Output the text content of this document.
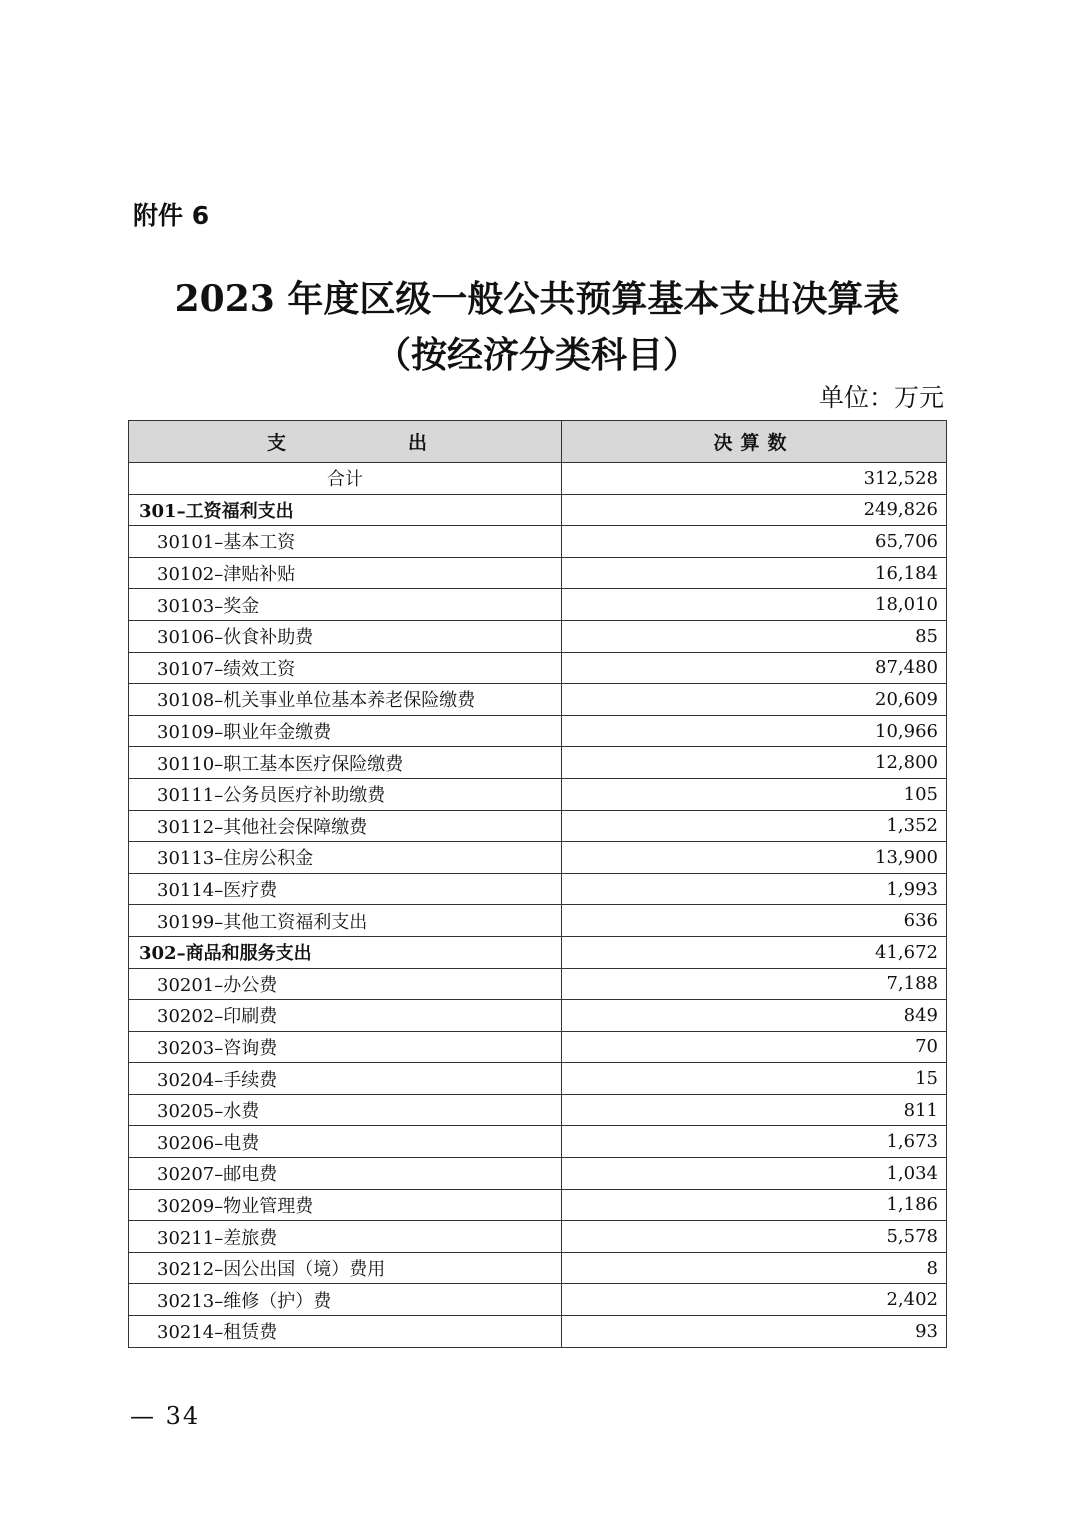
附件 6
2023 年度区级一般公共预算基本支出决算表
（按经济分类科目）
单位：万元
支 出	决算数
合计	312,528
301–工资福利支出	249,826
30101–基本工资	65,706
30102–津贴补贴	16,184
30103–奖金	18,010
30106–伙食补助费	85
30107–绩效工资	87,480
30108–机关事业单位基本养老保险缴费	20,609
30109–职业年金缴费	10,966
30110–职工基本医疗保险缴费	12,800
30111–公务员医疗补助缴费	105
30112–其他社会保障缴费	1,352
30113–住房公积金	13,900
30114–医疗费	1,993
30199–其他工资福利支出	636
302–商品和服务支出	41,672
30201–办公费	7,188
30202–印刷费	849
30203–咨询费	70
30204–手续费	15
30205–水费	811
30206–电费	1,673
30207–邮电费	1,034
30209–物业管理费	1,186
30211–差旅费	5,578
30212–因公出国（境）费用	8
30213–维修（护）费	2,402
30214–租赁费	93
— 34
